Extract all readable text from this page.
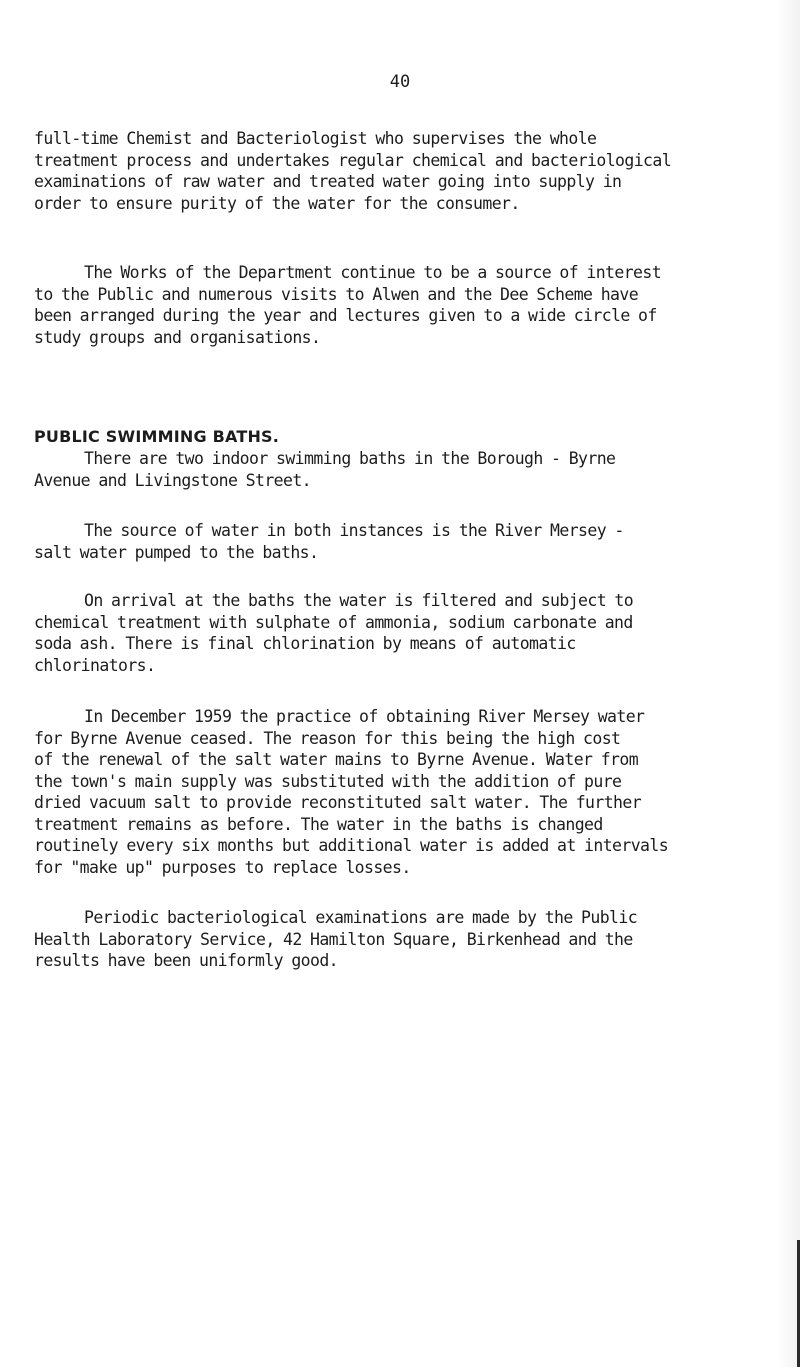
40
full-time Chemist and Bacteriologist who supervises the whole
treatment process and undertakes regular chemical and bacteriological
examinations of raw water and treated water going into supply in
order to ensure purity of the water for the consumer.
The Works of the Department continue to be a source of interest
to the Public and numerous visits to Alwen and the Dee Scheme have
been arranged during the year and lectures given to a wide circle of
study groups and organisations.
PUBLIC SWIMMING BATHS.
There are two indoor swimming baths in the Borough - Byrne
Avenue and Livingstone Street.
The source of water in both instances is the River Mersey -
salt water pumped to the baths.
On arrival at the baths the water is filtered and subject to
chemical treatment with sulphate of ammonia, sodium carbonate and
soda ash. There is final chlorination by means of automatic
chlorinators.
In December 1959 the practice of obtaining River Mersey water
for Byrne Avenue ceased. The reason for this being the high cost
of the renewal of the salt water mains to Byrne Avenue. Water from
the town's main supply was substituted with the addition of pure
dried vacuum salt to provide reconstituted salt water. The further
treatment remains as before. The water in the baths is changed
routinely every six months but additional water is added at intervals
for "make up" purposes to replace losses.
Periodic bacteriological examinations are made by the Public
Health Laboratory Service, 42 Hamilton Square, Birkenhead and the
results have been uniformly good.
